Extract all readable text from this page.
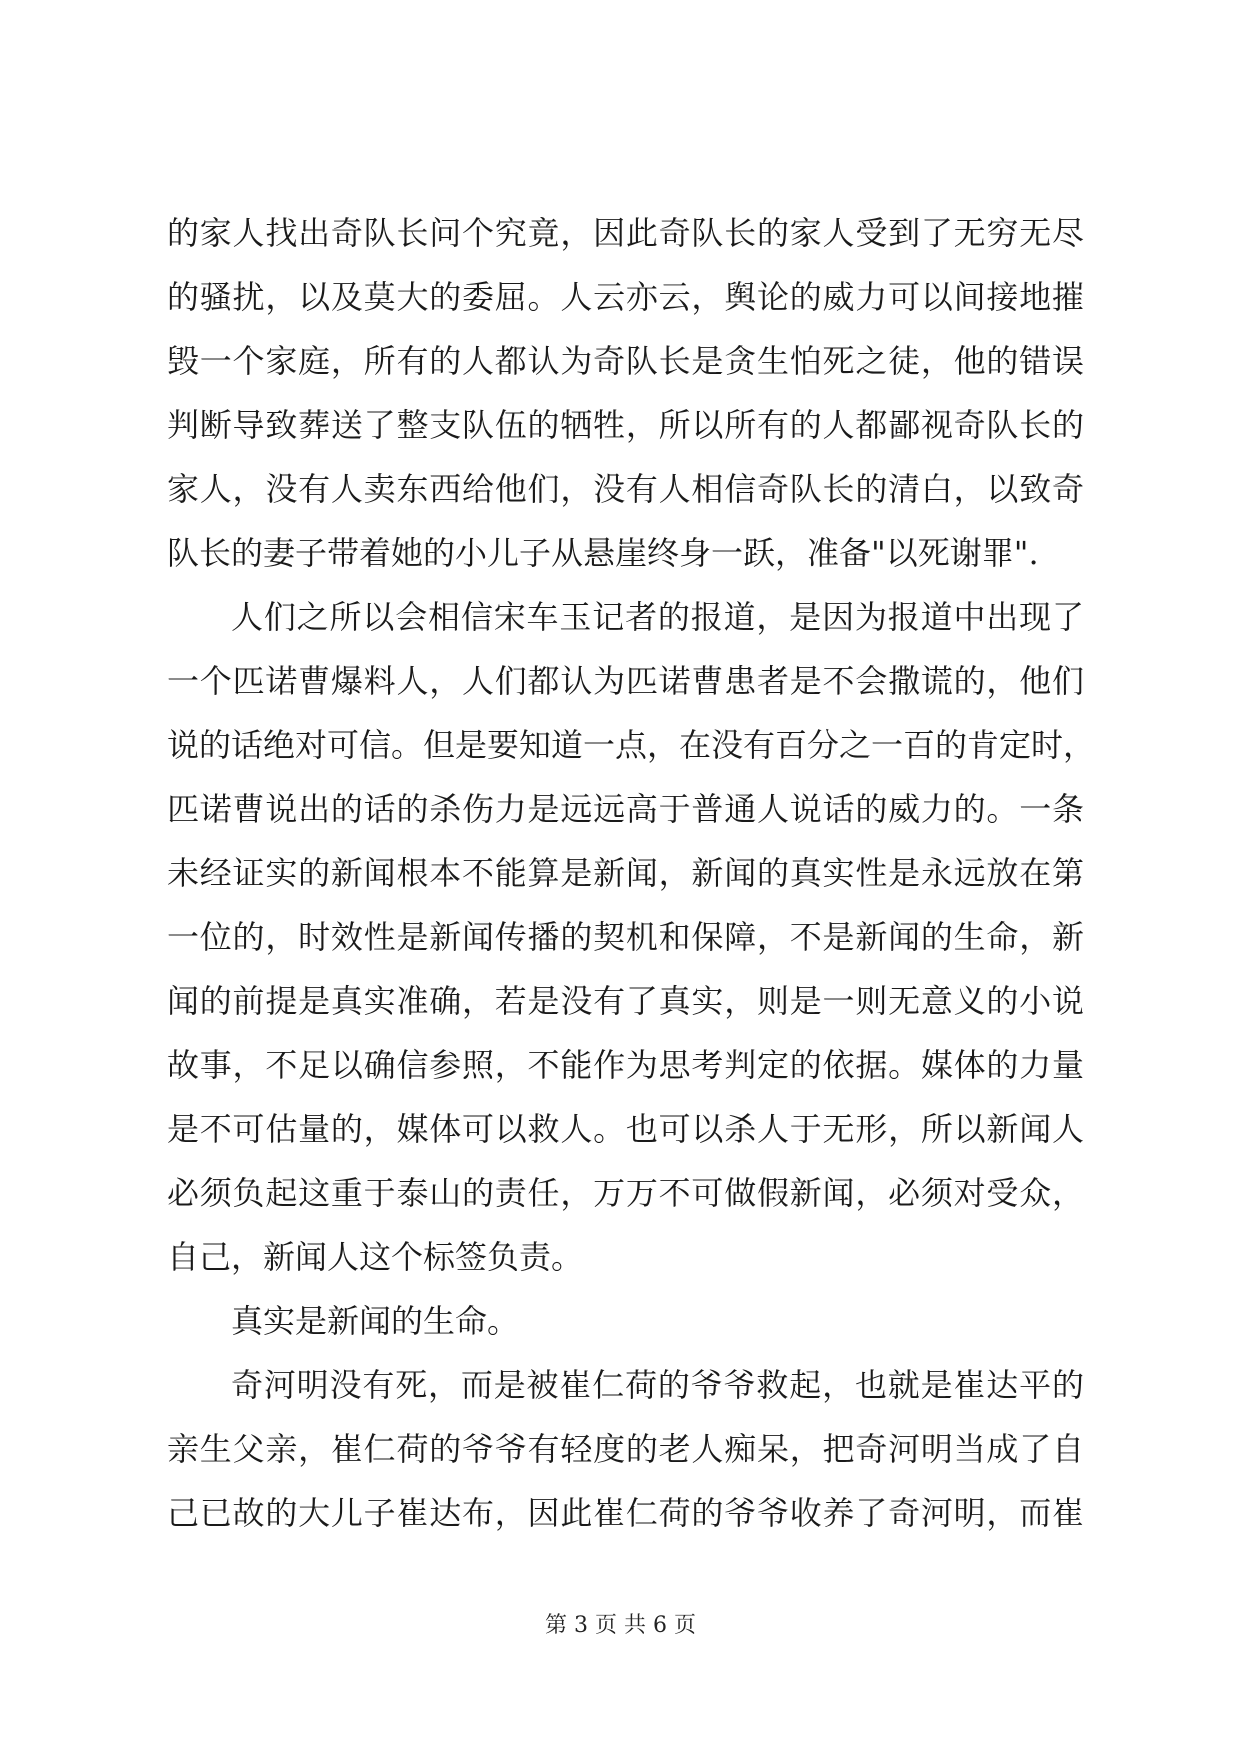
的家人找出奇队长问个究竟，因此奇队长的家人受到了无穷无尽
的骚扰，以及莫大的委屈。人云亦云，舆论的威力可以间接地摧
毁一个家庭，所有的人都认为奇队长是贪生怕死之徒，他的错误
判断导致葬送了整支队伍的牺牲，所以所有的人都鄙视奇队长的
家人，没有人卖东西给他们，没有人相信奇队长的清白，以致奇
队长的妻子带着她的小儿子从悬崖终身一跃，准备"以死谢罪".
人们之所以会相信宋车玉记者的报道，是因为报道中出现了
一个匹诺曹爆料人，人们都认为匹诺曹患者是不会撒谎的，他们
说的话绝对可信。但是要知道一点，在没有百分之一百的肯定时，
匹诺曹说出的话的杀伤力是远远高于普通人说话的威力的。一条
未经证实的新闻根本不能算是新闻，新闻的真实性是永远放在第
一位的，时效性是新闻传播的契机和保障，不是新闻的生命，新
闻的前提是真实准确，若是没有了真实，则是一则无意义的小说
故事，不足以确信参照，不能作为思考判定的依据。媒体的力量
是不可估量的，媒体可以救人。也可以杀人于无形，所以新闻人
必须负起这重于泰山的责任，万万不可做假新闻，必须对受众，
自己，新闻人这个标签负责。
真实是新闻的生命。
奇河明没有死，而是被崔仁荷的爷爷救起，也就是崔达平的
亲生父亲，崔仁荷的爷爷有轻度的老人痴呆，把奇河明当成了自
己已故的大儿子崔达布，因此崔仁荷的爷爷收养了奇河明，而崔
第 3 页 共 6 页
